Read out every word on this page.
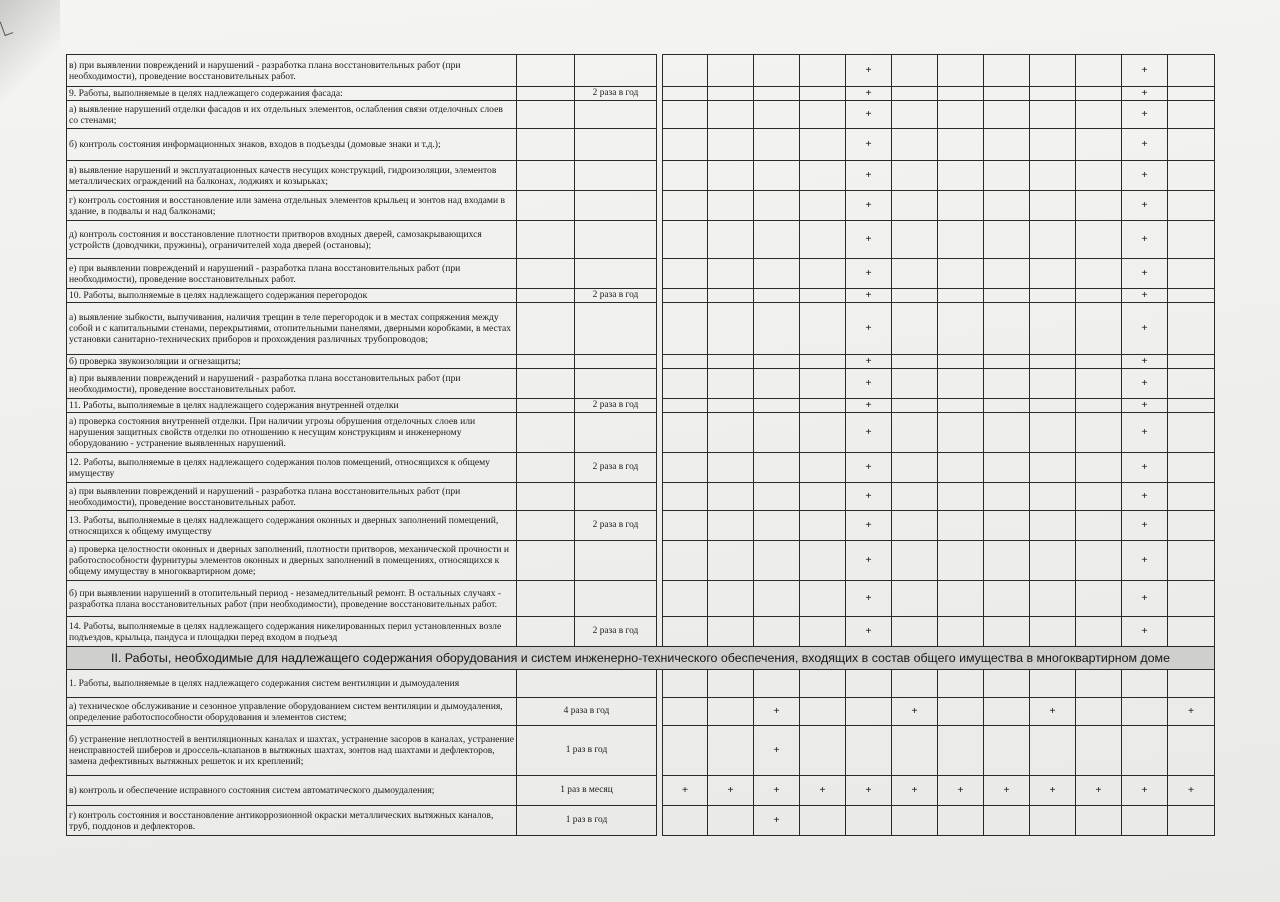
в) при выявлении повреждений и нарушений - разработка плана восстановительных работ (при необходимости), проведение восстановительных работ.								+						+	
9. Работы, выполняемые в целях надлежащего содержания фасада:		2 раза в год						+						+	
а) выявление нарушений отделки фасадов и их отдельных элементов, ослабления связи отделочных слоев со стенами;								+						+	
б) контроль состояния информационных знаков, входов в подъезды (домовые знаки и т.д.);								+						+	
в) выявление нарушений и эксплуатационных качеств несущих конструкций, гидроизоляции, элементов металлических ограждений на балконах, лоджиях и козырьках;								+						+	
г) контроль состояния и восстановление или замена отдельных элементов крыльец и зонтов над входами в здание, в подвалы и над балконами;								+						+	
д) контроль состояния и восстановление плотности притворов входных дверей, самозакрывающихся устройств (доводчики, пружины), ограничителей хода дверей (остановы);								+						+	
е) при выявлении повреждений и нарушений - разработка плана восстановительных работ (при необходимости), проведение восстановительных работ.								+						+	
10. Работы, выполняемые в целях надлежащего содержания перегородок		2 раза в год						+						+	
а) выявление зыбкости, выпучивания, наличия трещин в теле перегородок и в местах сопряжения между собой и с капитальными стенами, перекрытиями, отопительными панелями, дверными коробками, в местах установки санитарно-технических приборов и прохождения различных трубопроводов;								+						+	
б) проверка звукоизоляции и огнезащиты;								+						+	
в) при выявлении повреждений и нарушений - разработка плана восстановительных работ (при необходимости), проведение восстановительных работ.								+						+	
11. Работы, выполняемые в целях надлежащего содержания внутренней отделки		2 раза в год						+						+	
а) проверка состояния внутренней отделки. При наличии угрозы обрушения отделочных слоев или нарушения защитных свойств отделки по отношению к несущим конструкциям и инженерному оборудованию - устранение выявленных нарушений.								+						+	
12. Работы, выполняемые в целях надлежащего содержания полов помещений, относящихся к общему имуществу		2 раза в год						+						+	
а) при выявлении повреждений и нарушений - разработка плана восстановительных работ (при необходимости), проведение восстановительных работ.								+						+	
13. Работы, выполняемые в целях надлежащего содержания оконных и дверных заполнений помещений, относящихся к общему имуществу		2 раза в год						+						+	
а) проверка целостности оконных и дверных заполнений, плотности притворов, механической прочности и работоспособности фурнитуры элементов оконных и дверных заполнений в помещениях, относящихся к общему имуществу в многоквартирном доме;								+						+	
б) при выявлении нарушений в отопительный период - незамедлительный ремонт. В остальных случаях - разработка плана восстановительных работ (при необходимости), проведение восстановительных работ.								+						+	
14. Работы, выполняемые в целях надлежащего содержания никелированных перил установленных возле подъездов, крыльца, пандуса и площадки перед входом в подъезд		2 раза в год						+						+	
II. Работы, необходимые для надлежащего содержания оборудования и систем инженерно-технического обеспечения, входящих в состав общего имущества в многоквартирном доме															
1. Работы, выполняемые в целях надлежащего содержания систем вентиляции и дымоудаления															
а) техническое обслуживание и сезонное управление оборудованием систем вентиляции и дымоудаления, определение работоспособности оборудования и элементов систем;	4 раза в год					+			+			+			+
б) устранение неплотностей в вентиляционных каналах и шахтах, устранение засоров в каналах, устранение неисправностей шиберов и дроссель-клапанов в вытяжных шахтах, зонтов над шахтами и дефлекторов, замена дефективных вытяжных решеток и их креплений;	1 раз в год					+									
в) контроль и обеспечение исправного состояния систем автоматического дымоудаления;	1 раз в месяц			+	+	+	+	+	+	+	+	+	+	+	+
г) контроль состояния и восстановление антикоррозионной окраски металлических вытяжных каналов, труб, поддонов и дефлекторов.	1 раз в год					+									
